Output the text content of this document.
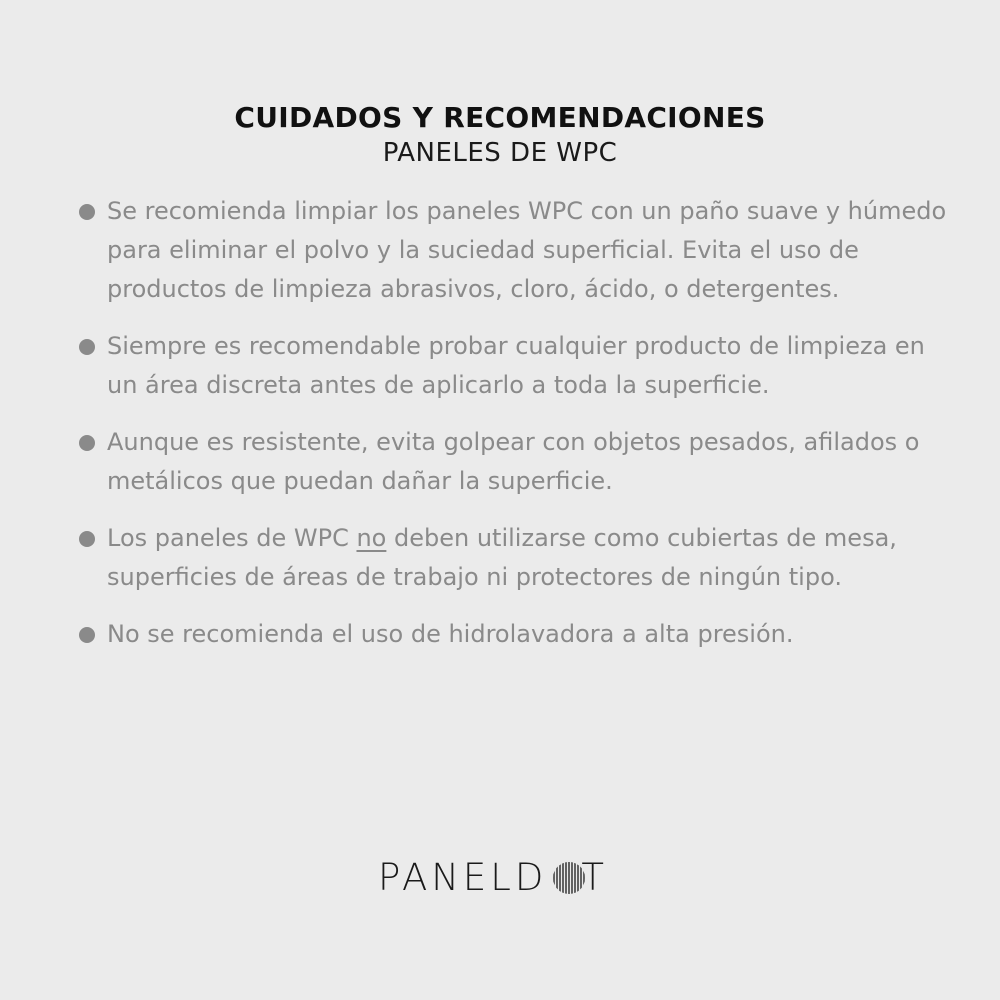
CUIDADOS Y RECOMENDACIONES
PANELES DE WPC
Se recomienda limpiar los paneles WPC con un paño suave y húmedo para eliminar el polvo y la suciedad superficial. Evita el uso de productos de limpieza abrasivos, cloro, ácido, o detergentes.
Siempre es recomendable probar cualquier producto de limpieza en un área discreta antes de aplicarlo a toda la superficie.
Aunque es resistente, evita golpear con objetos pesados, afilados o metálicos que puedan dañar la superficie.
Los paneles de WPC no deben utilizarse como cubiertas de mesa, superficies de áreas de trabajo ni protectores de ningún tipo.
No se recomienda el uso de hidrolavadora a alta presión.
PANELD T
